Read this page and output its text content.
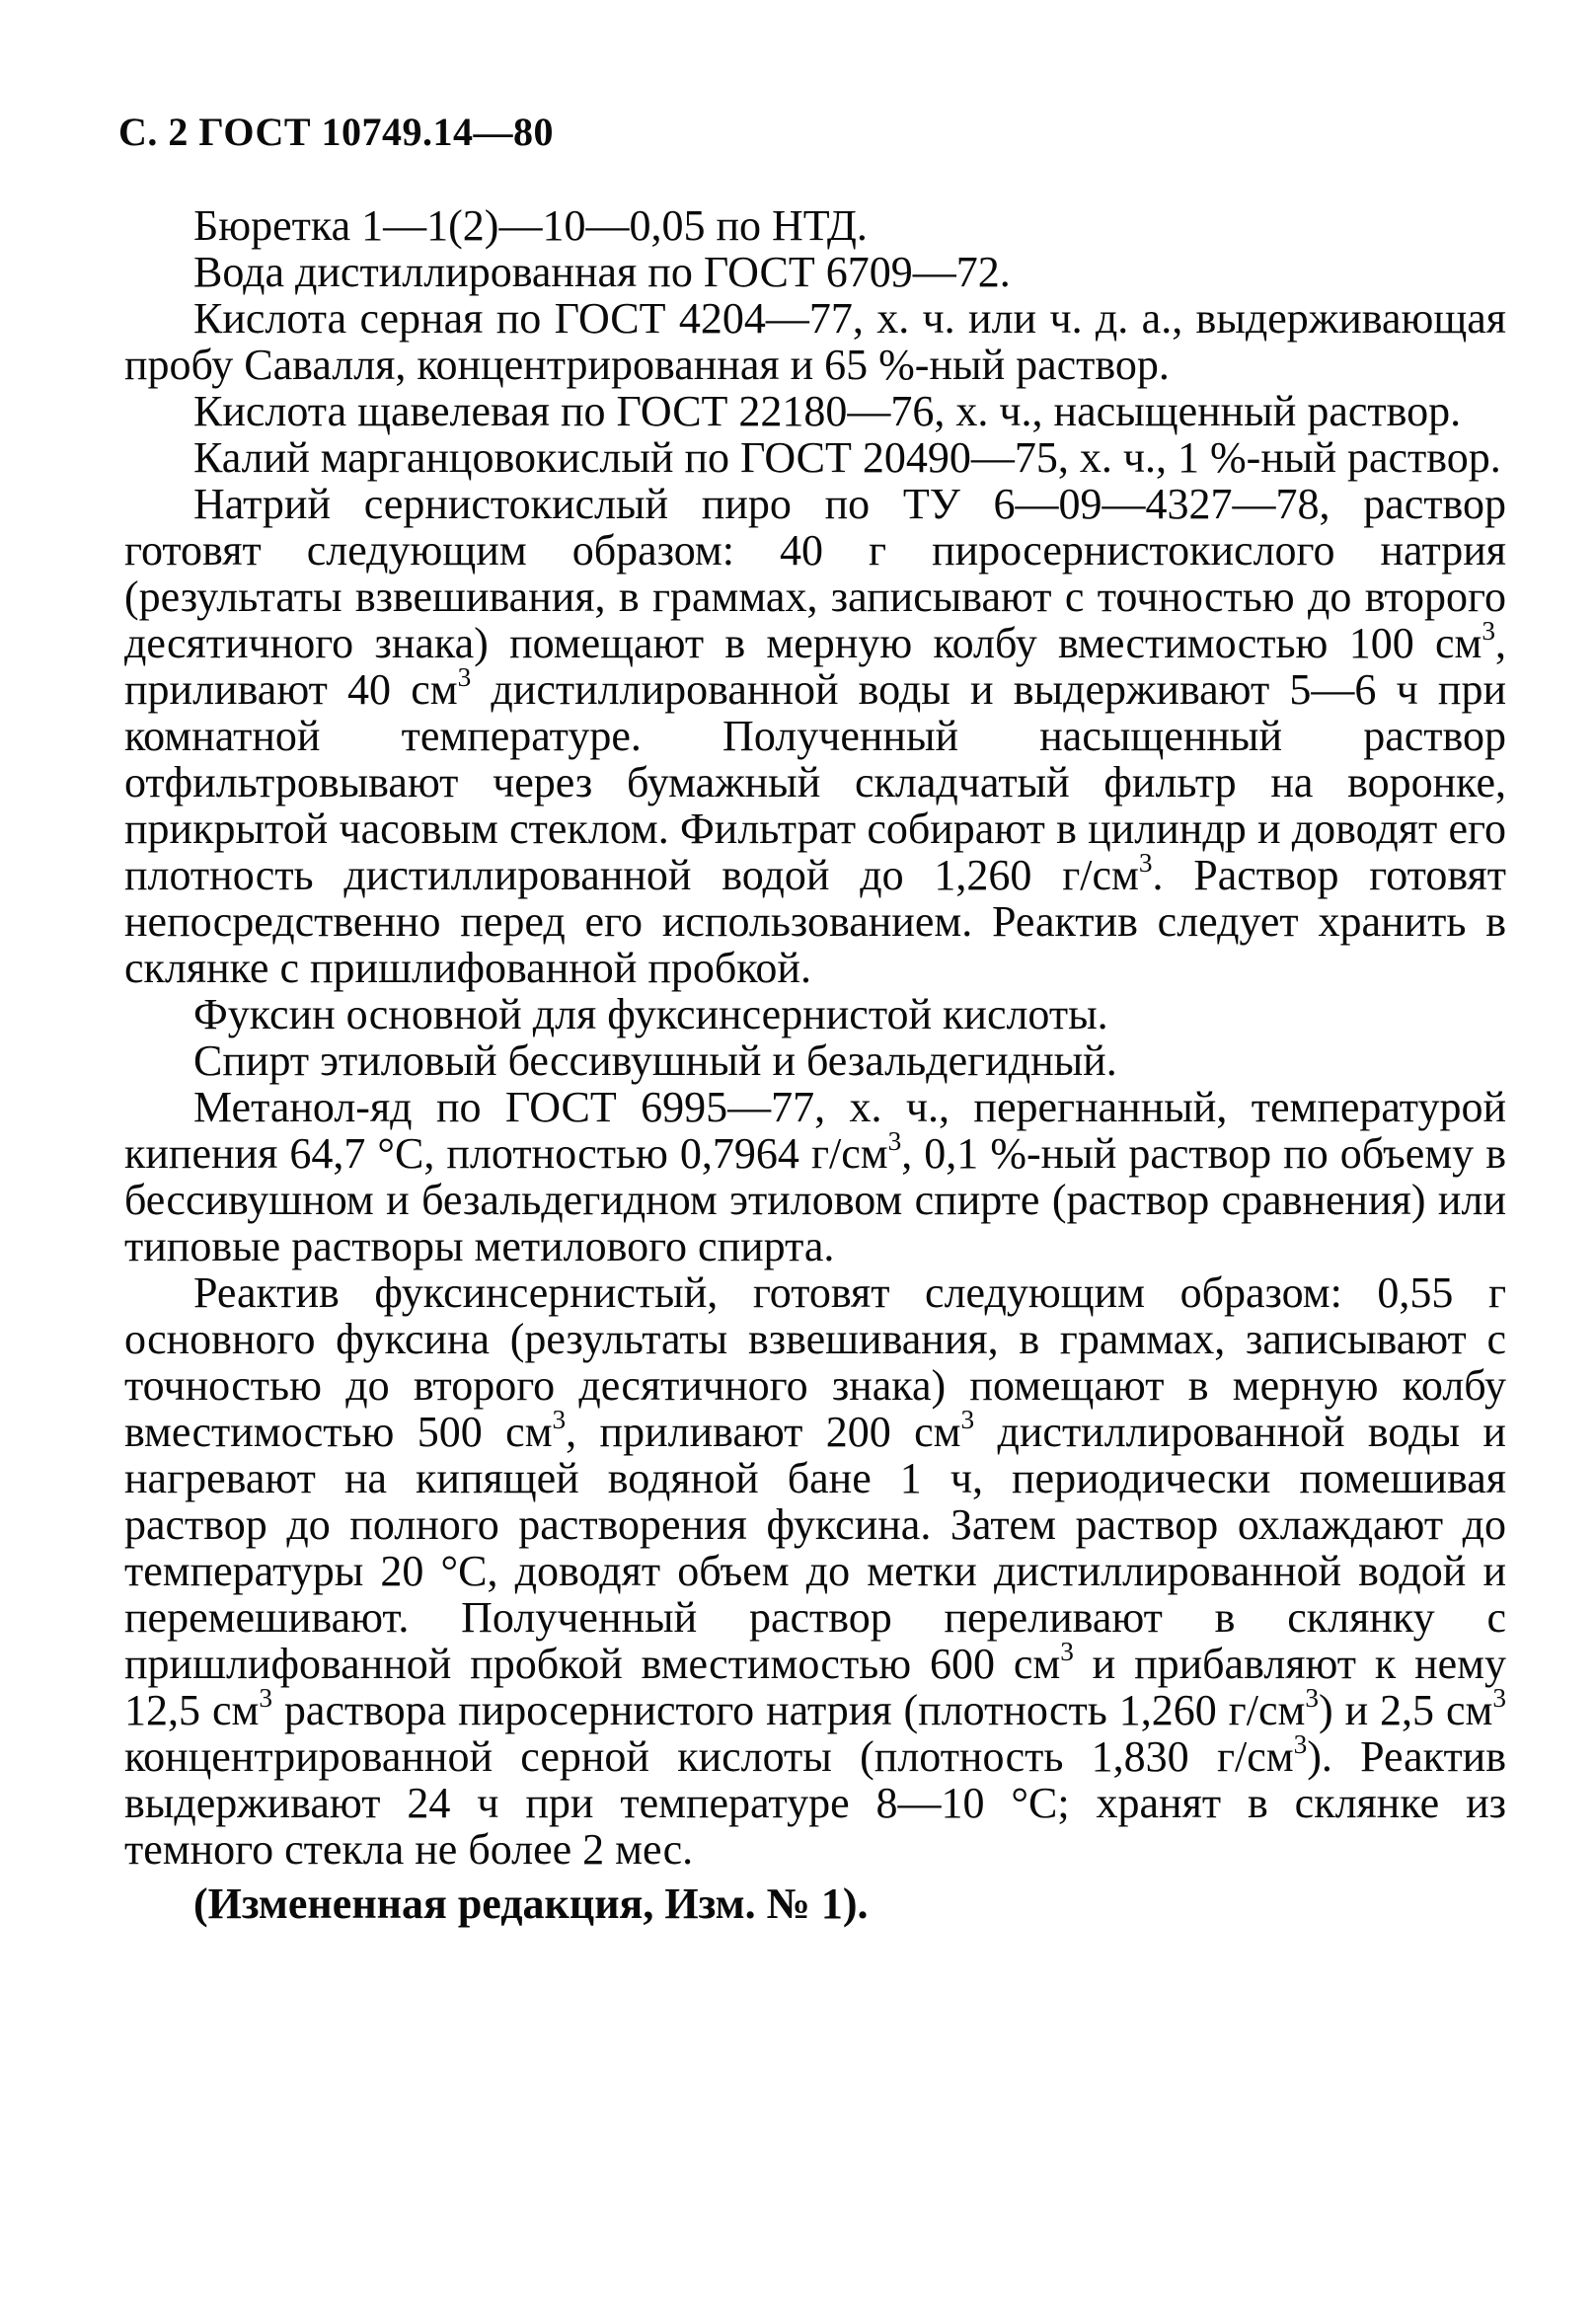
С. 2 ГОСТ 10749.14—80

Бюретка 1—1(2)—10—0,05 по НТД.

Вода дистиллированная по ГОСТ 6709—72.

Кислота серная по ГОСТ 4204—77, х. ч. или ч. д. а., выдерживающая пробу Савалля, концентрированная и 65 %-ный раствор.

Кислота щавелевая по ГОСТ 22180—76, х. ч., насыщенный раствор.

Калий марганцовокислый по ГОСТ 20490—75, х. ч., 1 %-ный раствор.

Натрий сернистокислый пиро по ТУ 6—09—4327—78, раствор готовят следующим образом: 40 г пиросернистокислого натрия (результаты взвешивания, в граммах, записывают с точностью до второго десятичного знака) помещают в мерную колбу вместимостью 100 $см^3$, приливают 40 $см^3$ дистиллированной воды и выдерживают 5—6 ч при комнатной температуре. Полученный насыщенный раствор отфильтровывают через бумажный складчатый фильтр на воронке, прикрытой часовым стеклом. Фильтрат собирают в цилиндр и доводят его плотность дистиллированной водой до 1,260 $г/см^3$. Раствор готовят непосредственно перед его использованием. Реактив следует хранить в склянке с пришлифованной пробкой.

Фуксин основной для фуксинсернистой кислоты.

Спирт этиловый бессивушный и безальдегидный.

Метанол-яд по ГОСТ 6995—77, х. ч., перегнанный, температурой кипения 64,7 °С, плотностью 0,7964 $г/см^3$, 0,1 %-ный раствор по объему в бессивушном и безальдегидном этиловом спирте (раствор сравнения) или типовые растворы метилового спирта.

Реактив фуксинсернистый, готовят следующим образом: 0,55 г основного фуксина (результаты взвешивания, в граммах, записывают с точностью до второго десятичного знака) помещают в мерную колбу вместимостью 500 $см^3$, приливают 200 $см^3$ дистиллированной воды и нагревают на кипящей водяной бане 1 ч, периодически помешивая раствор до полного растворения фуксина. Затем раствор охлаждают до температуры 20 °С, доводят объем до метки дистиллированной водой и перемешивают. Полученный раствор переливают в склянку с пришлифованной пробкой вместимостью 600 $см^3$ и прибавляют к нему 12,5 $см^3$ раствора пиросернистого натрия (плотность 1,260 $г/см^3$) и 2,5 $см^3$ концентрированной серной кислоты (плотность 1,830 $г/см^3$). Реактив выдерживают 24 ч при температуре 8—10 °С; хранят в склянке из темного стекла не более 2 мес.

(Измененная редакция, Изм. № 1).
